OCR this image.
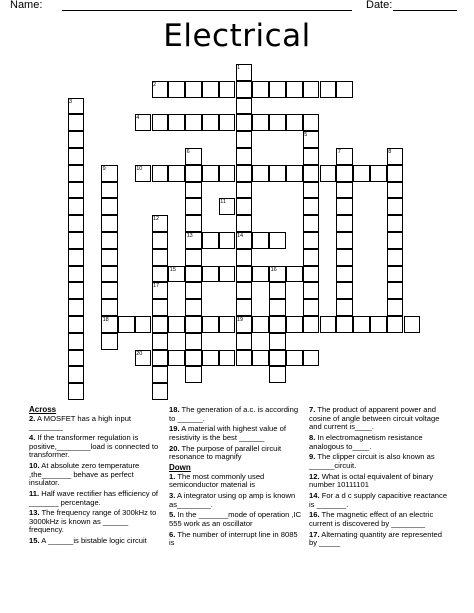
Name:	Date:
Electrical
1
2
3
4
5
6	7	8
9	10
11
12
13	14
15	16
17
18	19
20
Across
2. A MOSFET has a high input ________
4. If the transformer regulation is positive,________load is connected to transformer.
10. At absolute zero temperature ,the_______ behave as perfect insulator.
11. Half wave rectifier has efficiency of _______ percentage.
13. The frequency range of 300kHz to 3000kHz is known as ______ frequency.
15. A ______is bistable logic circuit
18. The generation of a.c. is according to ______.
19. A material with highest value of resistivity is the best ______
20. The purpose of parallel circuit resonance to magnify
Down
1. The most commonly used semiconductor material is
3. A integrator using op amp is known as________.
5. In the _______mode of operation ,IC 555 work as an oscillator
6. The number of interrupt line in 8085 is
7. The product of apparent power and cosine of angle between circuit voltage and current is____.
8. In electromagnetism resistance analogous to____.
9. The clipper circuit is also known as ______circuit.
12. What is octal equivalent of binary number 10111101
14. For a d c supply capacitive reactance is _______.
16. The magnetic effect of an electric current is discovered by ________
17. Alternating quantity are represented by _____
